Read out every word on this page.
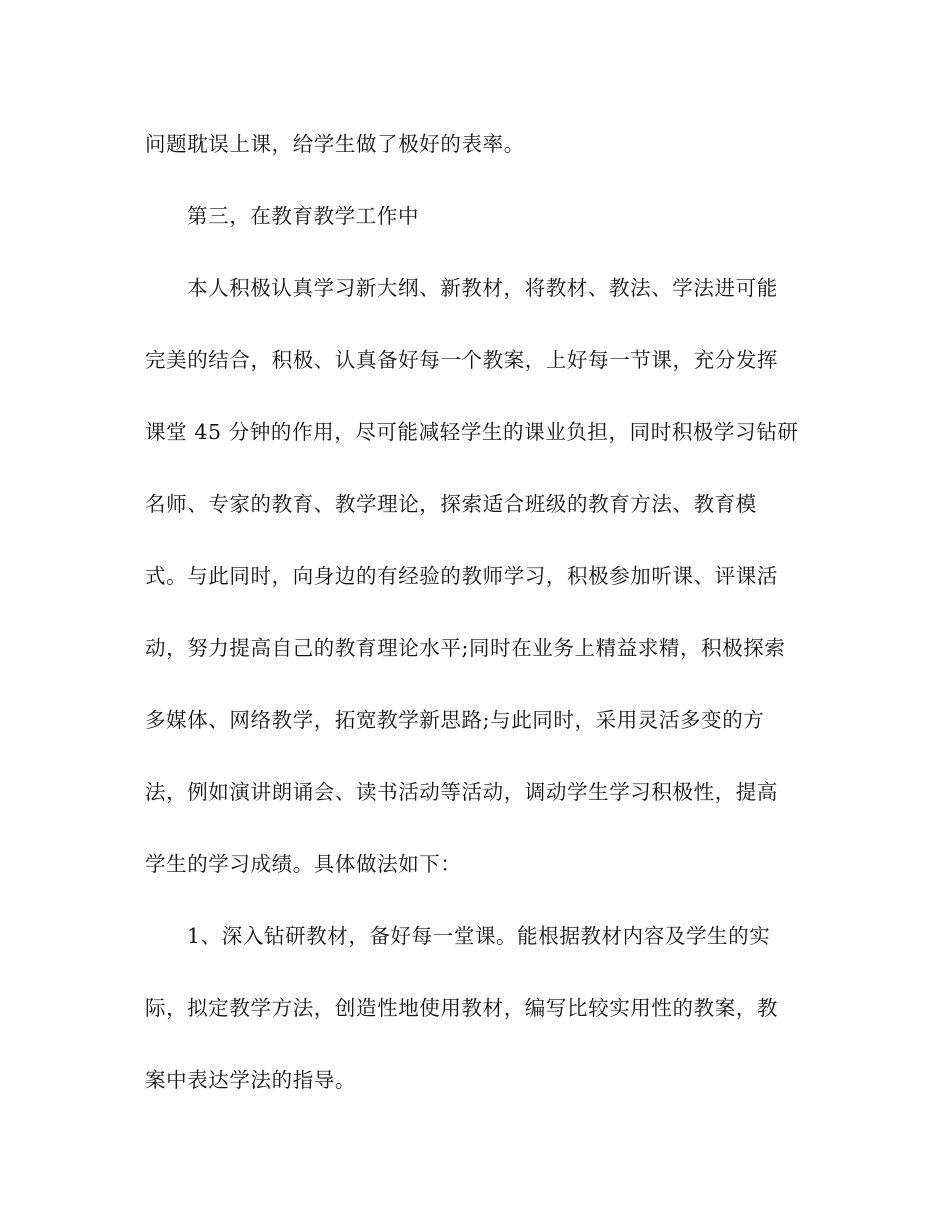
问题耽误上课，给学生做了极好的表率。
第三，在教育教学工作中
本人积极认真学习新大纲、新教材，将教材、教法、学法进可能
完美的结合，积极、认真备好每一个教案，上好每一节课，充分发挥
课堂 45 分钟的作用，尽可能减轻学生的课业负担，同时积极学习钻研
名师、专家的教育、教学理论，探索适合班级的教育方法、教育模
式。与此同时，向身边的有经验的教师学习，积极参加听课、评课活
动，努力提高自己的教育理论水平;同时在业务上精益求精，积极探索
多媒体、网络教学，拓宽教学新思路;与此同时，采用灵活多变的方
法，例如演讲朗诵会、读书活动等活动，调动学生学习积极性，提高
学生的学习成绩。具体做法如下：
1、深入钻研教材，备好每一堂课。能根据教材内容及学生的实
际，拟定教学方法，创造性地使用教材，编写比较实用性的教案，教
案中表达学法的指导。
